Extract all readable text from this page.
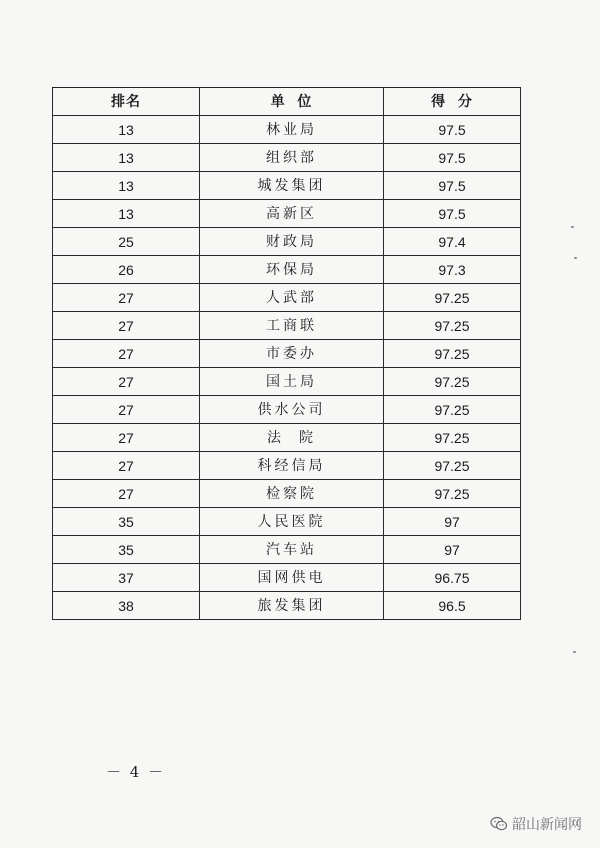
排名	单  位	得  分
13	林业局	97.5
13	组织部	97.5
13	城发集团	97.5
13	高新区	97.5
25	财政局	97.4
26	环保局	97.3
27	人武部	97.25
27	工商联	97.25
27	市委办	97.25
27	国土局	97.25
27	供水公司	97.25
27	法  院	97.25
27	科经信局	97.25
27	检察院	97.25
35	人民医院	97
35	汽车站	97
37	国网供电	96.75
38	旅发集团	96.5
－ 4 －
韶山新闻网
